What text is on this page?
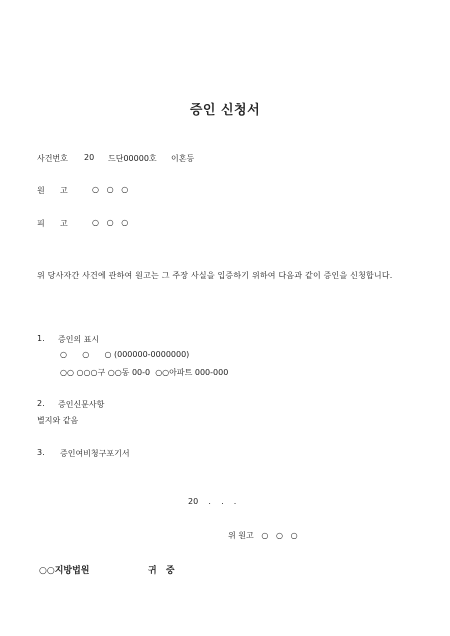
증인 신청서
사건번호 20 드단00000호 이혼등
원      고	○   ○   ○
피      고	○   ○   ○
위 당사자간 사건에 관하여 원고는 그 주장 사실을 입증하기 위하여 다음과 같이 증인을 신청합니다.
1. 증인의 표시
○      ○      ○ (000000-0000000)
○○ ○○○구 ○○동 00-0  ○○아파트 000-000
2. 증인신문사항
별지와 같음
3. 증인여비청구포기서
20    .    .    .
위 원고   ○   ○   ○
○○지방법원	귀 중
